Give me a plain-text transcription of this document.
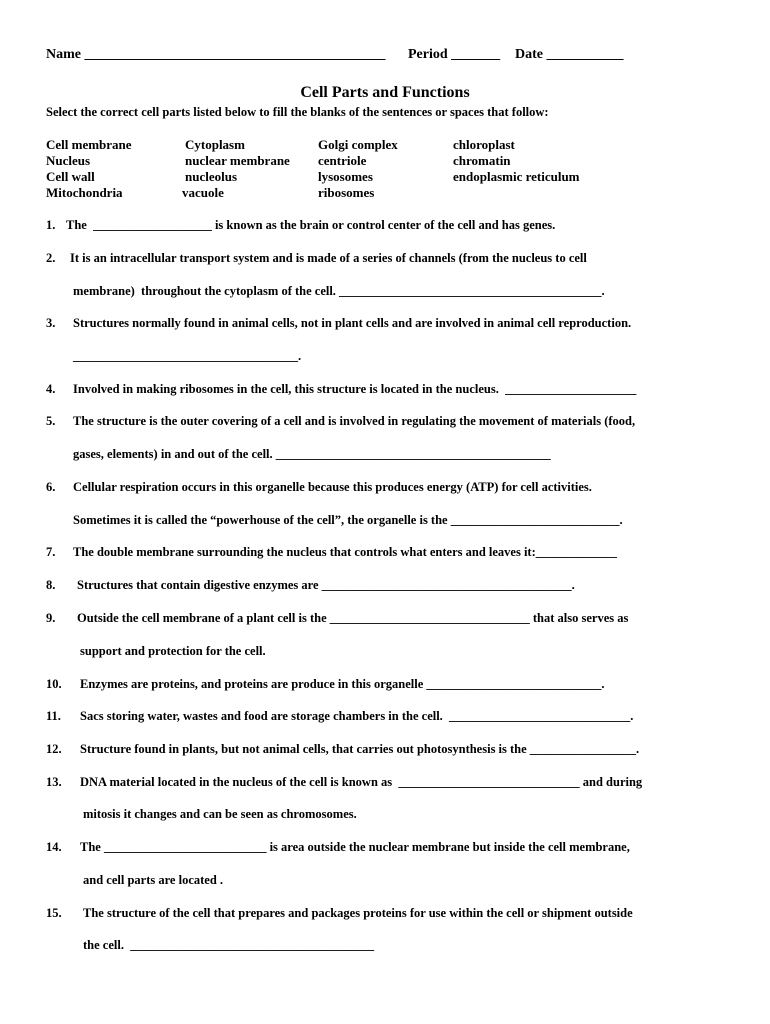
Name ___________________________________________ Period _______ Date ___________
Cell Parts and Functions
Select the correct cell parts listed below to fill the blanks of the sentences or spaces that follow:
Cell membrane
Nucleus
Cell wall
Mitochondria
Cytoplasm
nuclear membrane
nucleolus
vacuole
Golgi complex
centriole
lysosomes
ribosomes
chloroplast
chromatin
endoplasmic reticulum
1. The  ___________________ is known as the brain or control center of the cell and has genes.
2. It is an intracellular transport system and is made of a series of channels (from the nucleus to cell
membrane)  throughout the cytoplasm of the cell. __________________________________________.
3. Structures normally found in animal cells, not in plant cells and are involved in animal cell reproduction.
____________________________________.
4. Involved in making ribosomes in the cell, this structure is located in the nucleus.  _____________________
5. The structure is the outer covering of a cell and is involved in regulating the movement of materials (food,
gases, elements) in and out of the cell. ____________________________________________
6. Cellular respiration occurs in this organelle because this produces energy (ATP) for cell activities.
Sometimes it is called the “powerhouse of the cell”, the organelle is the ___________________________.
7. The double membrane surrounding the nucleus that controls what enters and leaves it:_____________
8. Structures that contain digestive enzymes are ________________________________________.
9. Outside the cell membrane of a plant cell is the ________________________________ that also serves as
support and protection for the cell.
10. Enzymes are proteins, and proteins are produce in this organelle ____________________________.
11. Sacs storing water, wastes and food are storage chambers in the cell.  _____________________________.
12. Structure found in plants, but not animal cells, that carries out photosynthesis is the _________________.
13. DNA material located in the nucleus of the cell is known as  _____________________________ and during
mitosis it changes and can be seen as chromosomes.
14. The __________________________ is area outside the nuclear membrane but inside the cell membrane,
and cell parts are located .
15. The structure of the cell that prepares and packages proteins for use within the cell or shipment outside
the cell.  _______________________________________
